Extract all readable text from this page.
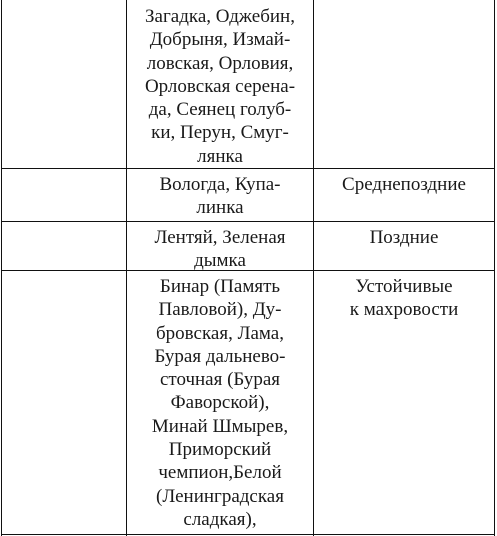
Загадка, Оджебин,
Добрыня, Измай-
ловская, Орловия,
Орловская серена-
да, Сеянец голуб-
ки, Перун, Смуг-
лянка
Вологда, Купа-
линка
Среднепоздние
Лентяй, Зеленая
дымка
Поздние
Бинар (Память
Павловой), Ду-
бровская, Лама,
Бурая дальнево-
сточная (Бурая
Фаворской),
Минай Шмырев,
Приморский
чемпион,Белой
(Ленинградская
сладкая),
Устойчивые
к махровости
